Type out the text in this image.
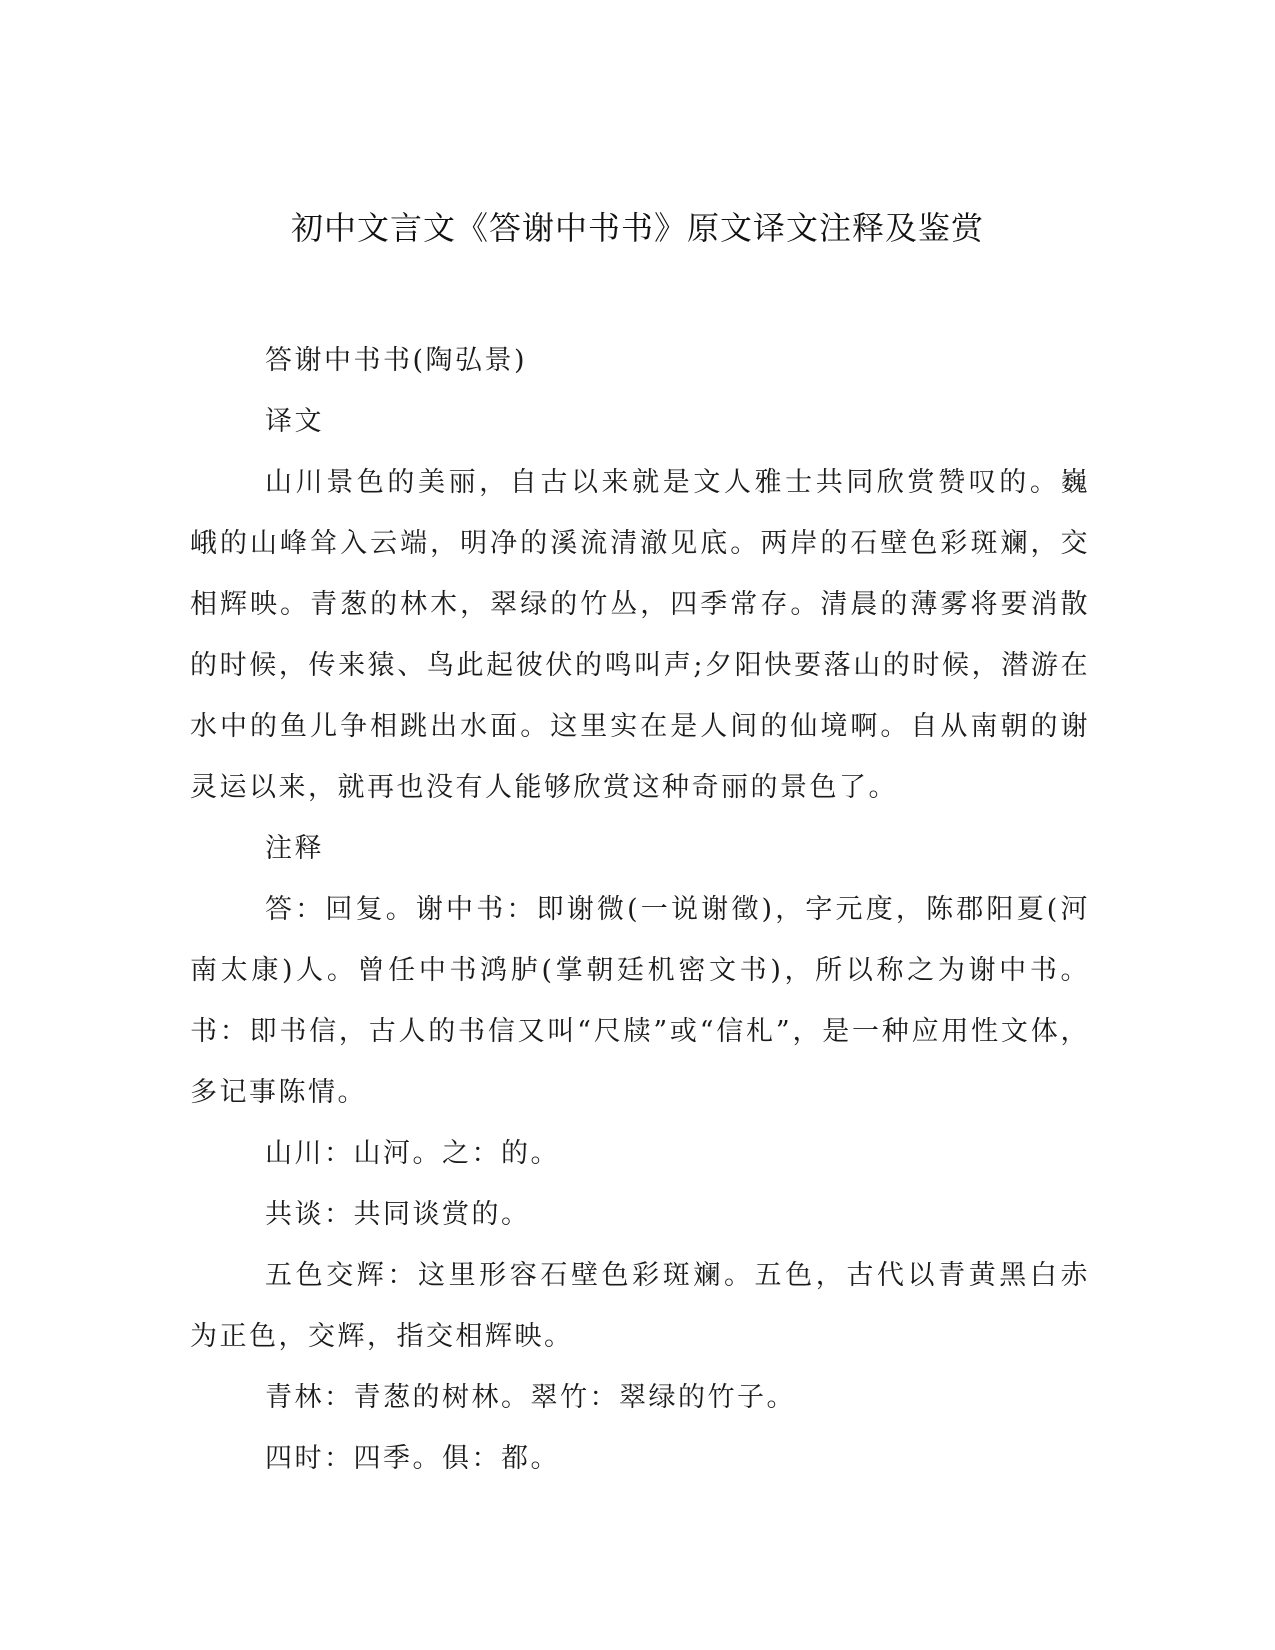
初中文言文《答谢中书书》原文译文注释及鉴赏

答谢中书书(陶弘景)

译文

山川景色的美丽，自古以来就是文人雅士共同欣赏赞叹的。巍峨的山峰耸入云端，明净的溪流清澈见底。两岸的石壁色彩斑斓，交相辉映。青葱的林木，翠绿的竹丛，四季常存。清晨的薄雾将要消散的时候，传来猿、鸟此起彼伏的鸣叫声;夕阳快要落山的时候，潜游在水中的鱼儿争相跳出水面。这里实在是人间的仙境啊。自从南朝的谢灵运以来，就再也没有人能够欣赏这种奇丽的景色了。

注释

答：回复。谢中书：即谢微(一说谢徵)，字元度，陈郡阳夏(河南太康)人。曾任中书鸿胪(掌朝廷机密文书)，所以称之为谢中书。书：即书信，古人的书信又叫“尺牍”或“信札”，是一种应用性文体，多记事陈情。

山川：山河。之：的。

共谈：共同谈赏的。

五色交辉：这里形容石壁色彩斑斓。五色，古代以青黄黑白赤为正色，交辉，指交相辉映。

青林：青葱的树林。翠竹：翠绿的竹子。

四时：四季。俱：都。
